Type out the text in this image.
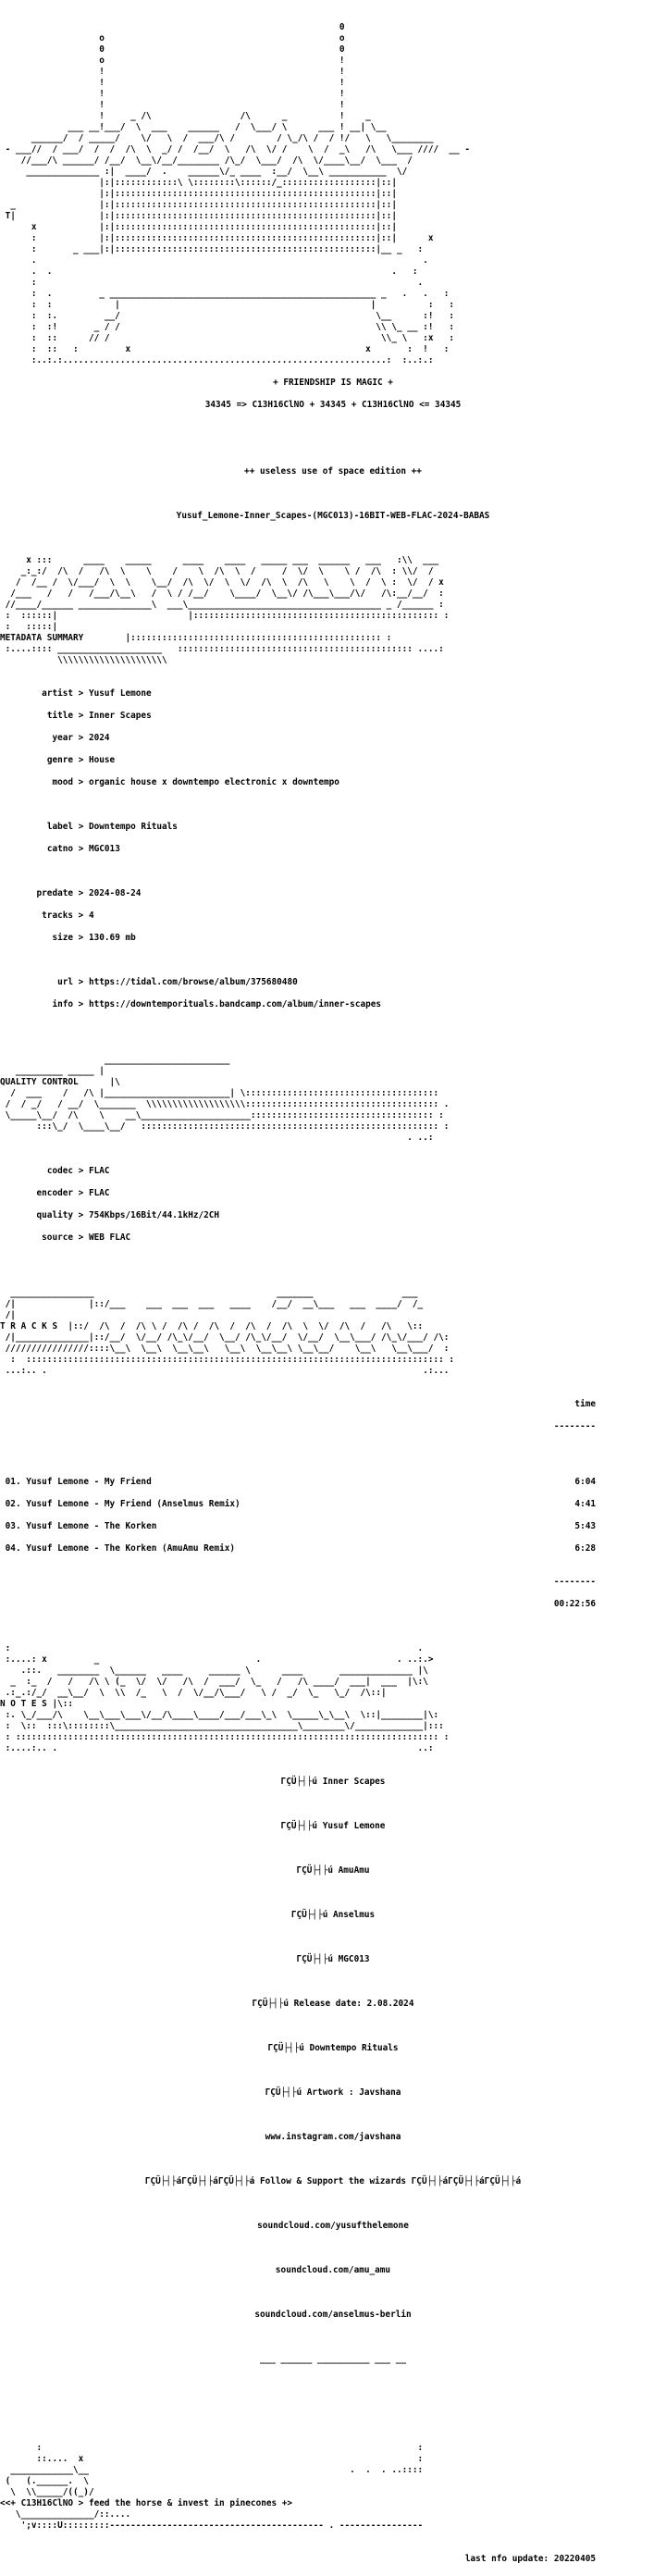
0
o                                             o
0                                             0
o                                             !
!                                             !
!                                             !
!                                             !
!                                             !
!     _ /\                 /\      _          !    _
___ __!___/  \  ___    ______   /  \___/ \      ___ ! __| \__
______/  / _____/    \/   \  /  ___/\ /        / \_/\ /  / !/   \   \________
- ___//  / ___/  /  /  /\  \  _/ /  /__/  \   /\  \/ /    \  /  _\   /\   \___ ////  __ -
//___/\ ______/ /__/  \__\/__/________ /\_/  \___/  /\  \/____\__/  \___  /
______________ :|  ____/  .    ______\/_ ____  :__/  \__\ ___________  \/
|:|::::::::::::\ \::::::::\::::::/_::::::::::::::::::|::|
|:|::::::::::::::::::::::::::::::::::::::::::::::::::|::|
_                |:|::::::::::::::::::::::::::::::::::::::::::::::::::|::|
T|                |:|::::::::::::::::::::::::::::::::::::::::::::::::::|::|
x            |:|::::::::::::::::::::::::::::::::::::::::::::::::::|::|
:            |:|::::::::::::::::::::::::::::::::::::::::::::::::::|::|      x
:       _ ___|:|::::::::::::::::::::::::::::::::::::::::::::::::::|__ _   :
.                                                                          .
.  .                                                                 .   :
:                                                                         .
:  .         _ ___________________________________________________ _   .   .   :
:  :            |                                                |          :   :
:  :.         __/                                                 \__      :!   :
:  :!       _ / /                                                 \\ \_ __ :!   :
:  ::      // /                                                    \\_ \   :x   :
:  ::   :         x                                             x       :  !   :
:..:.:..............................................................:  :..:.:

+ FRIENDSHIP IS MAGIC +

34345 => C13H16ClNO + 34345 + C13H16ClNO <= 34345

++ useless use of space edition ++

Yusuf_Lemone-Inner_Scapes-(MGC013)-16BIT-WEB-FLAC-2024-BABAS

x :::      ____    _____      ____    ____   _____ ___  ______   ___   :\\  ___
_:_:/  /\  /   /\  \    \    /    \  /\  \  /     /  \/  \    \ /  /\  : \\/  /
/  /__ /  \/___/  \  \    \__/  /\  \/  \  \/  /\  \  /\   \    \  /  \ :  \/  / x
/___   /   /   /___/\__\   /  \ / /__/    \____/  \__\/ /\___\___/\/   /\:__/__/  :
//____/______ ______________\  ___\_____________________________________ _ /______ :
:  ::::::|                         |::::::::::::::::::::::::::::::::::::::::::::::: :
:   :::::|
METADATA SUMMARY	|:::::::::::::::::::::::::::::::::::::::::::::::: :
:....:::: ____________________   ::::::::::::::::::::::::::::::::::::::::::::: ....:
\\\\\\\\\\\\\\\\\\\\\

artist > Yusuf Lemone

title > Inner Scapes

year > 2024

genre > House

mood > organic house x downtempo electronic x downtempo

label > Downtempo Rituals

catno > MGC013

predate > 2024-08-24

tracks > 4

size > 130.69 mb

url > https://tidal.com/browse/album/375680480

info > https://downtemporituals.bandcamp.com/album/inner-scapes

________________________
_________ _____ |
QUALITY CONTROL	|\
/  ___    /   /\ |________________________| \:::::::::::::::::::::::::::::::::::::
/  / _/   / __/  \_______  \\\\\\\\\\\\\\\\\\\::::::::::::::::::::::::::::::::::::: .
\_____\__/  /\    \    __\_____________________::::::::::::::::::::::::::::::::::: :
:::\_/  \____\__/   ::::::::::::::::::::::::::::::::::::::::::::::::::::::::: :
. ..:

codec > FLAC

encoder > FLAC

quality > 754Kbps/16Bit/44.1kHz/2CH

source > WEB FLAC

________________                                   _______                 ___
/|              |::/___    ___  ___  ___   ____    /__/  __\___   ___  ____/  /_
/|
T R A C K S  |::/  /\  /  /\ \ /  /\ /  /\  /  /\  /  /\  \  \/  /\  /   /\   \::
/|______________|::/__/  \/__/ /\_\/__/  \__/ /\_\/__/  \/__/  \__\___/ /\_\/___/ /\:
////////////////::::\__\  \__\  \__\__\   \__\  \__\__\ \__\__/    \__\   \__\___/  :
:  :::::::::::::::::::::::::::::::::::::::::::::::::::::::::::::::::::::::::::::::: :
...:.. .                                                                        .:...

time

--------

01. Yusuf Lemone - My Friend	6:04

02. Yusuf Lemone - My Friend (Anselmus Remix)	4:41

03. Yusuf Lemone - The Korken	5:43

04. Yusuf Lemone - The Korken (AmuAmu Remix)	6:28

--------

00:22:56

:                                                                              .
:....: x         _                              .                          . ..:.>
.::.   ________  \______   ____     ______ \      ____       ______________ |\
_  :_  /   /   /\ \ (_  \/  \/   /\  /  ___/  \_   /   /\ ____/  ___|  ___  |\:\
.:_.:/_/  __\__/  \  \\  /_   \  /  \/__/\___/   \ /  _/  \_   \_/  /\::|
N O T E S |\::
:. \_/___/\    \__\___\___\/__/\____\____/___/___\_\  \_____\_\__\  \::|________|\:
:  \::  :::\::::::::\___________________________________\________\/_____________|:::
: ::::::::::::::::::::::::::::::::::::::::::::::::::::::::::::::::::::::::::::::::: :
:....:.. .                                                                     ..:

ΓÇÜ├┤├ú Inner Scapes

ΓÇÜ├┤├ú Yusuf Lemone

ΓÇÜ├┤├ú AmuAmu

ΓÇÜ├┤├ú Anselmus

ΓÇÜ├┤├ú MGC013

ΓÇÜ├┤├ú Release date: 2.08.2024

ΓÇÜ├┤├ú Downtempo Rituals

ΓÇÜ├┤├ú Artwork : Javshana

www.instagram.com/javshana

ΓÇÜ├┤├áΓÇÜ├┤├áΓÇÜ├┤├á Follow & Support the wizards ΓÇÜ├┤├áΓÇÜ├┤├áΓÇÜ├┤├á

soundcloud.com/yusufthelemone

soundcloud.com/amu_amu

soundcloud.com/anselmus-berlin

___ ______ __________ ___ __

:                                                                        :
::....  x                                                                :
____________\__                                                  .  .  . ..::::
(   (.______.  \
\  \\_____/((_)/
<<+ C13H16ClNO > feed the horse & invest in pinecones +>
\______________/::....
';v::::U:::::::::----------------------------------------- . ----------------

last nfo update: 20220405
